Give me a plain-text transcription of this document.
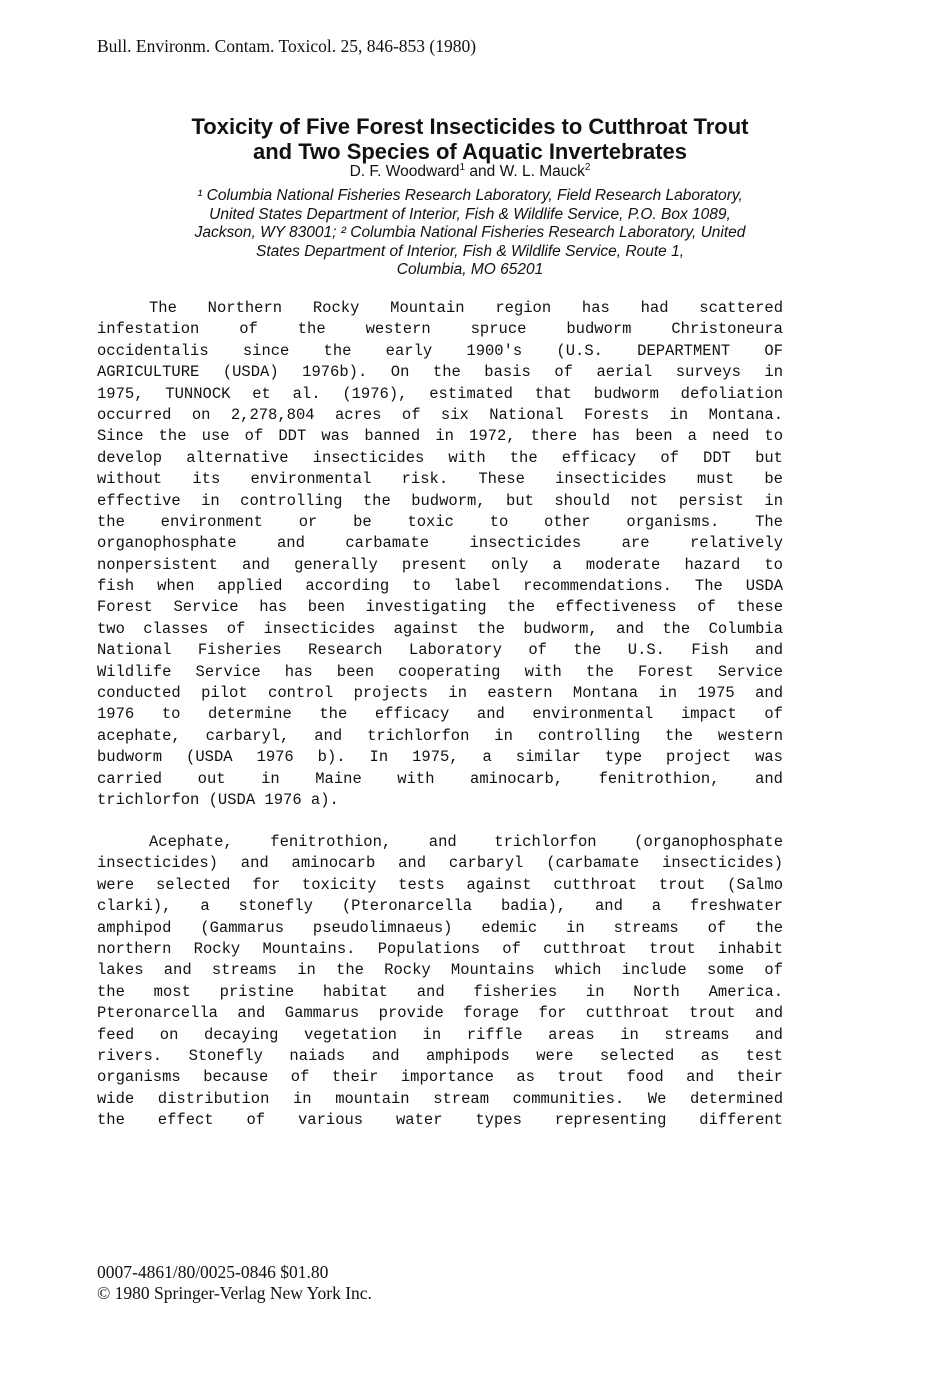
Bull. Environm. Contam. Toxicol. 25, 846-853 (1980)
Toxicity of Five Forest Insecticides to Cutthroat Trout
and Two Species of Aquatic Invertebrates
D. F. Woodward$^1$ and W. L. Mauck$^2$
¹ Columbia National Fisheries Research Laboratory, Field Research Laboratory,
United States Department of Interior, Fish & Wildlife Service, P.O. Box 1089,
Jackson, WY 83001; ² Columbia National Fisheries Research Laboratory, United
States Department of Interior, Fish & Wildlife Service, Route 1,
Columbia, MO 65201
The Northern Rocky Mountain region has had scattered
infestation of the western spruce budworm Christoneura
occidentalis since the early 1900's (U.S. DEPARTMENT OF
AGRICULTURE (USDA) 1976b). On the basis of aerial surveys in
1975, TUNNOCK et al. (1976), estimated that budworm defoliation
occurred on 2,278,804 acres of six National Forests in Montana.
Since the use of DDT was banned in 1972, there has been a need to
develop alternative insecticides with the efficacy of DDT but
without its environmental risk. These insecticides must be
effective in controlling the budworm, but should not persist in
the environment or be toxic to other organisms. The
organophosphate and carbamate insecticides are relatively
nonpersistent and generally present only a moderate hazard to
fish when applied according to label recommendations. The USDA
Forest Service has been investigating the effectiveness of these
two classes of insecticides against the budworm, and the Columbia
National Fisheries Research Laboratory of the U.S. Fish and
Wildlife Service has been cooperating with the Forest Service
conducted pilot control projects in eastern Montana in 1975 and
1976 to determine the efficacy and environmental impact of
acephate, carbaryl, and trichlorfon in controlling the western
budworm (USDA 1976 b). In 1975, a similar type project was
carried out in Maine with aminocarb, fenitrothion, and
trichlorfon (USDA 1976 a).
Acephate, fenitrothion, and trichlorfon (organophosphate
insecticides) and aminocarb and carbaryl (carbamate insecticides)
were selected for toxicity tests against cutthroat trout (Salmo
clarki), a stonefly (Pteronarcella badia), and a freshwater
amphipod (Gammarus pseudolimnaeus) edemic in streams of the
northern Rocky Mountains. Populations of cutthroat trout inhabit
lakes and streams in the Rocky Mountains which include some of
the most pristine habitat and fisheries in North America.
Pteronarcella and Gammarus provide forage for cutthroat trout and
feed on decaying vegetation in riffle areas in streams and
rivers. Stonefly naiads and amphipods were selected as test
organisms because of their importance as trout food and their
wide distribution in mountain stream communities. We determined
the effect of various water types representing different
0007-4861/80/0025-0846 $01.80
© 1980 Springer-Verlag New York Inc.
